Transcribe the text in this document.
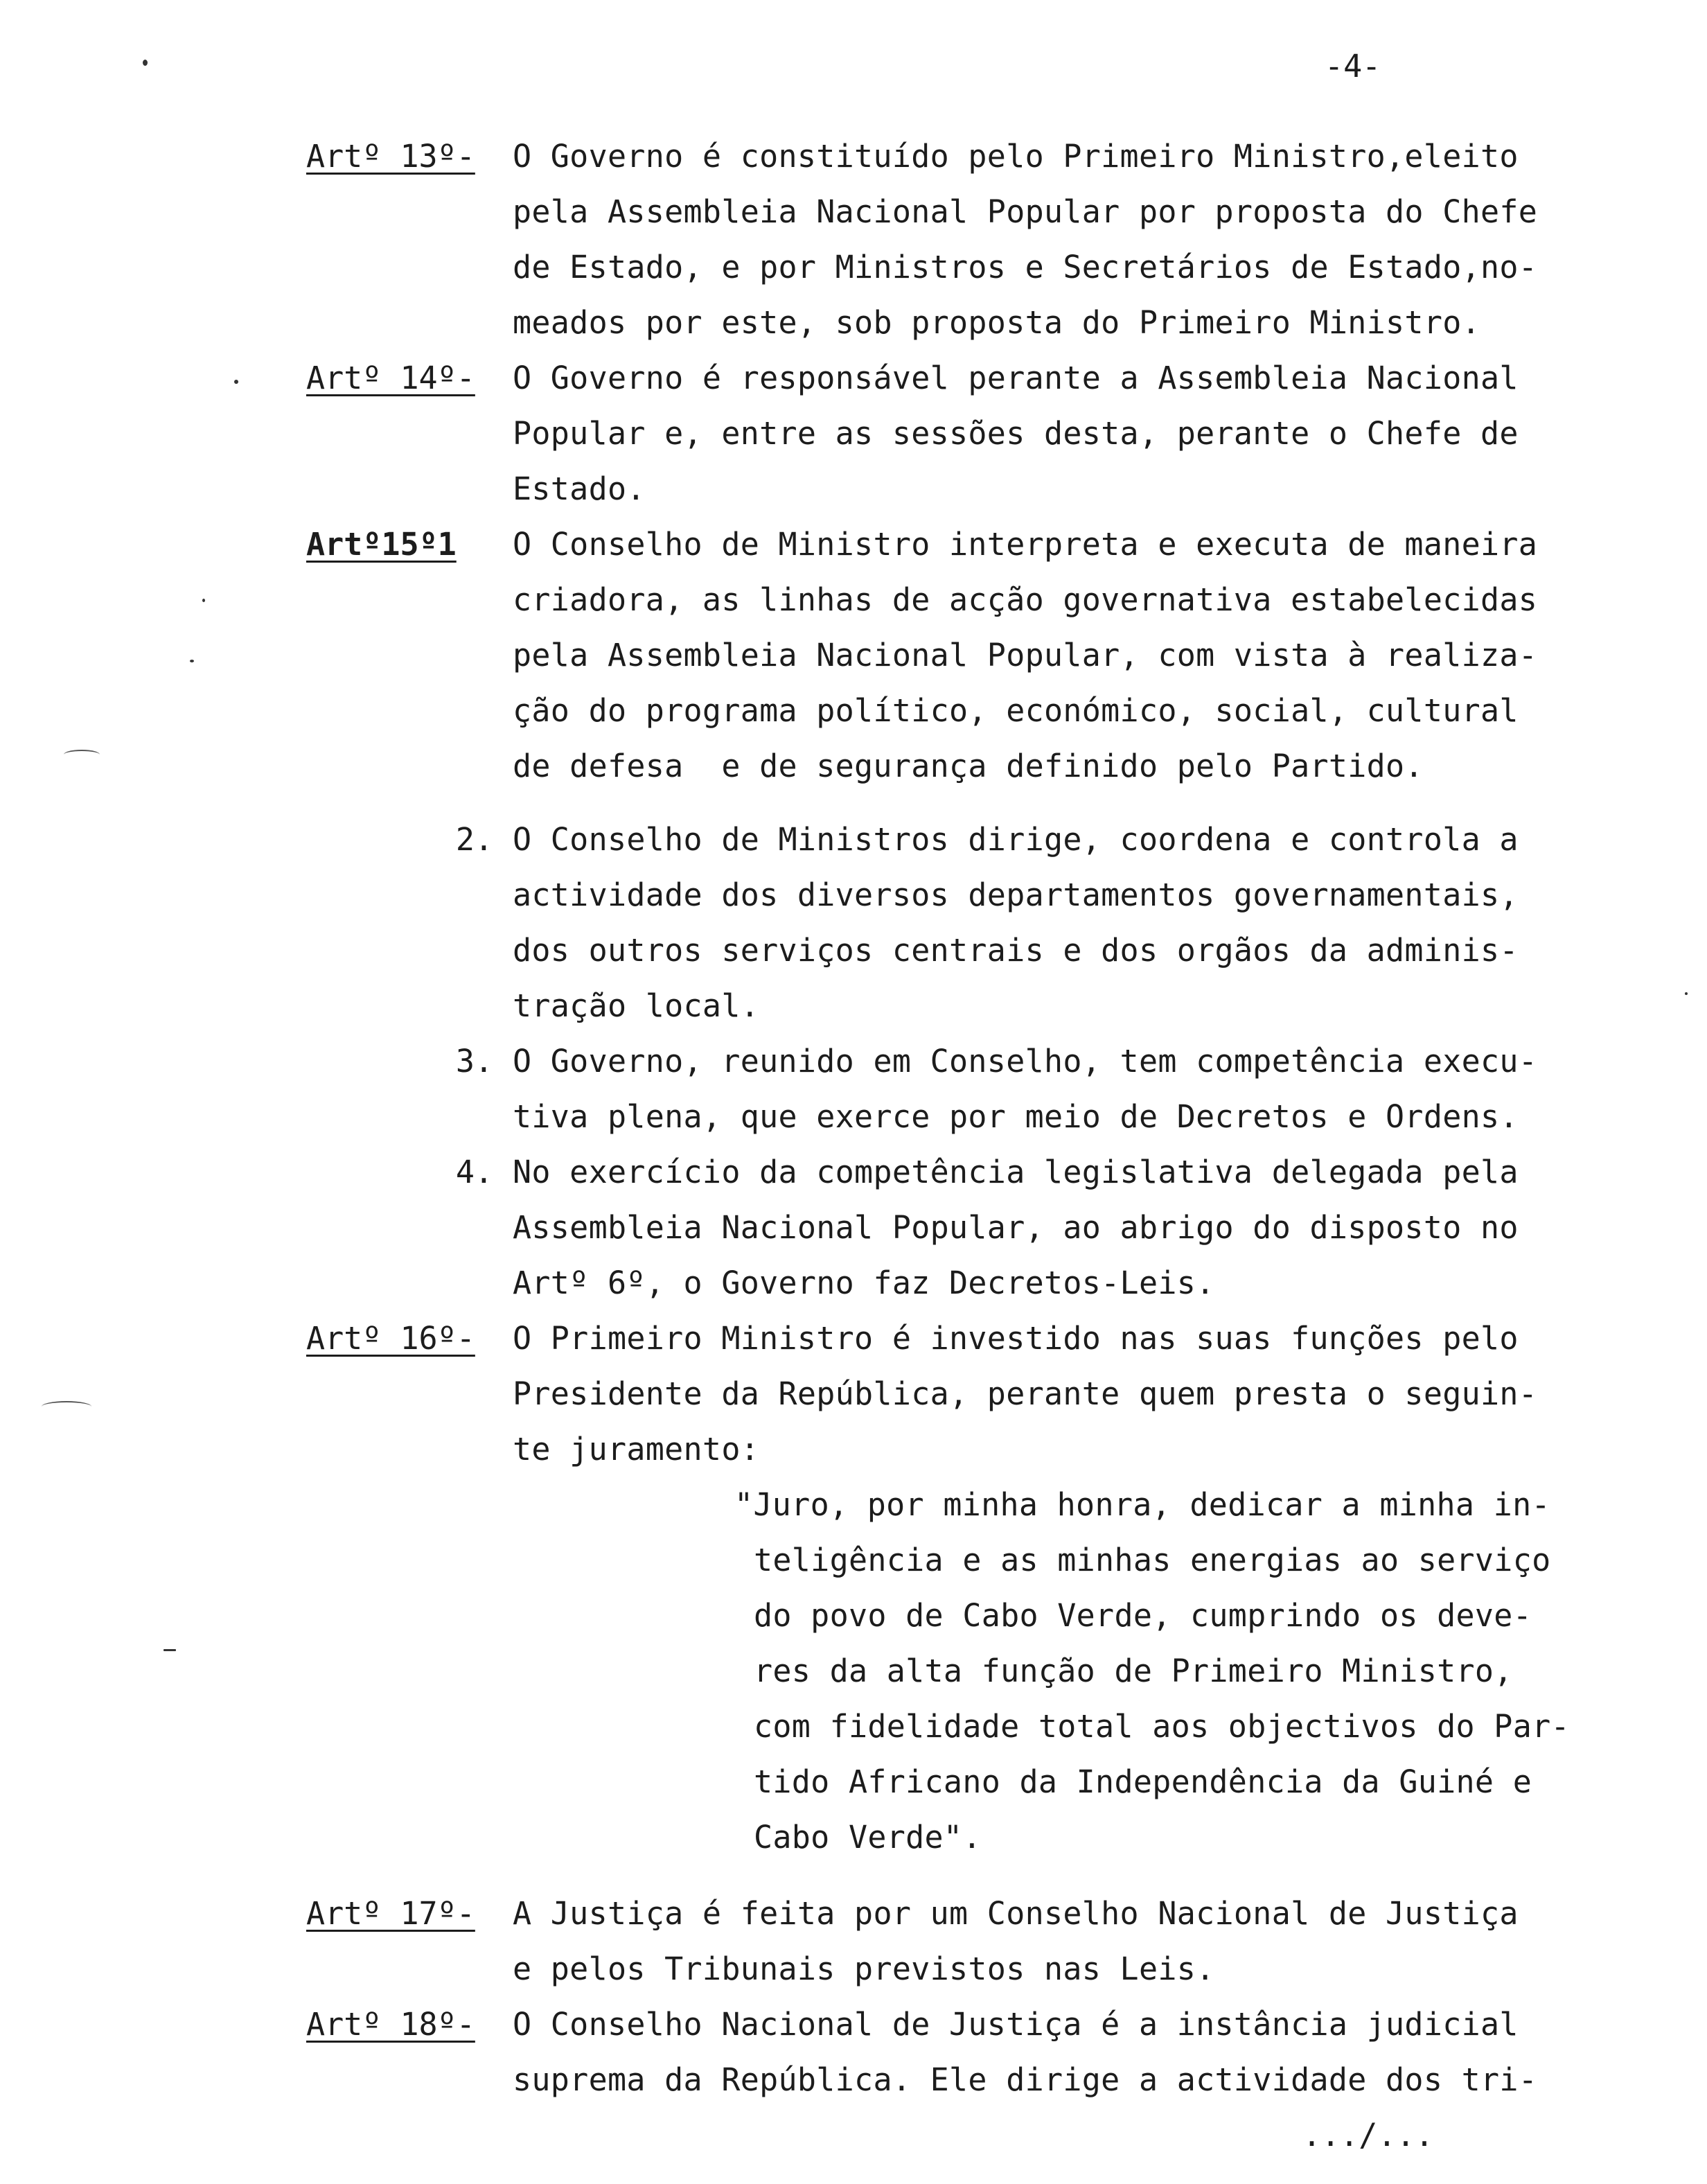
-4-
Artº 13º- O Governo é constituído pelo Primeiro Ministro,eleito
pela Assembleia Nacional Popular por proposta do Chefe
de Estado, e por Ministros e Secretários de Estado,no-
meados por este, sob proposta do Primeiro Ministro.
Artº 14º- O Governo é responsável perante a Assembleia Nacional
Popular e, entre as sessões desta, perante o Chefe de
Estado.
Artº15º1 O Conselho de Ministro interpreta e executa de maneira
criadora, as linhas de acção governativa estabelecidas
pela Assembleia Nacional Popular, com vista à realiza-
ção do programa político, económico, social, cultural
de defesa  e de segurança definido pelo Partido.
2. O Conselho de Ministros dirige, coordena e controla a
actividade dos diversos departamentos governamentais,
dos outros serviços centrais e dos orgãos da adminis-
tração local.
3. O Governo, reunido em Conselho, tem competência execu-
tiva plena, que exerce por meio de Decretos e Ordens.
4. No exercício da competência legislativa delegada pela
Assembleia Nacional Popular, ao abrigo do disposto no
Artº 6º, o Governo faz Decretos-Leis.
Artº 16º- O Primeiro Ministro é investido nas suas funções pelo
Presidente da República, perante quem presta o seguin-
te juramento:
"Juro, por minha honra, dedicar a minha in-
teligência e as minhas energias ao serviço
do povo de Cabo Verde, cumprindo os deve-
res da alta função de Primeiro Ministro,
com fidelidade total aos objectivos do Par-
tido Africano da Independência da Guiné e
Cabo Verde".
Artº 17º- A Justiça é feita por um Conselho Nacional de Justiça
e pelos Tribunais previstos nas Leis.
Artº 18º- O Conselho Nacional de Justiça é a instância judicial
suprema da República. Ele dirige a actividade dos tri-
.../...
